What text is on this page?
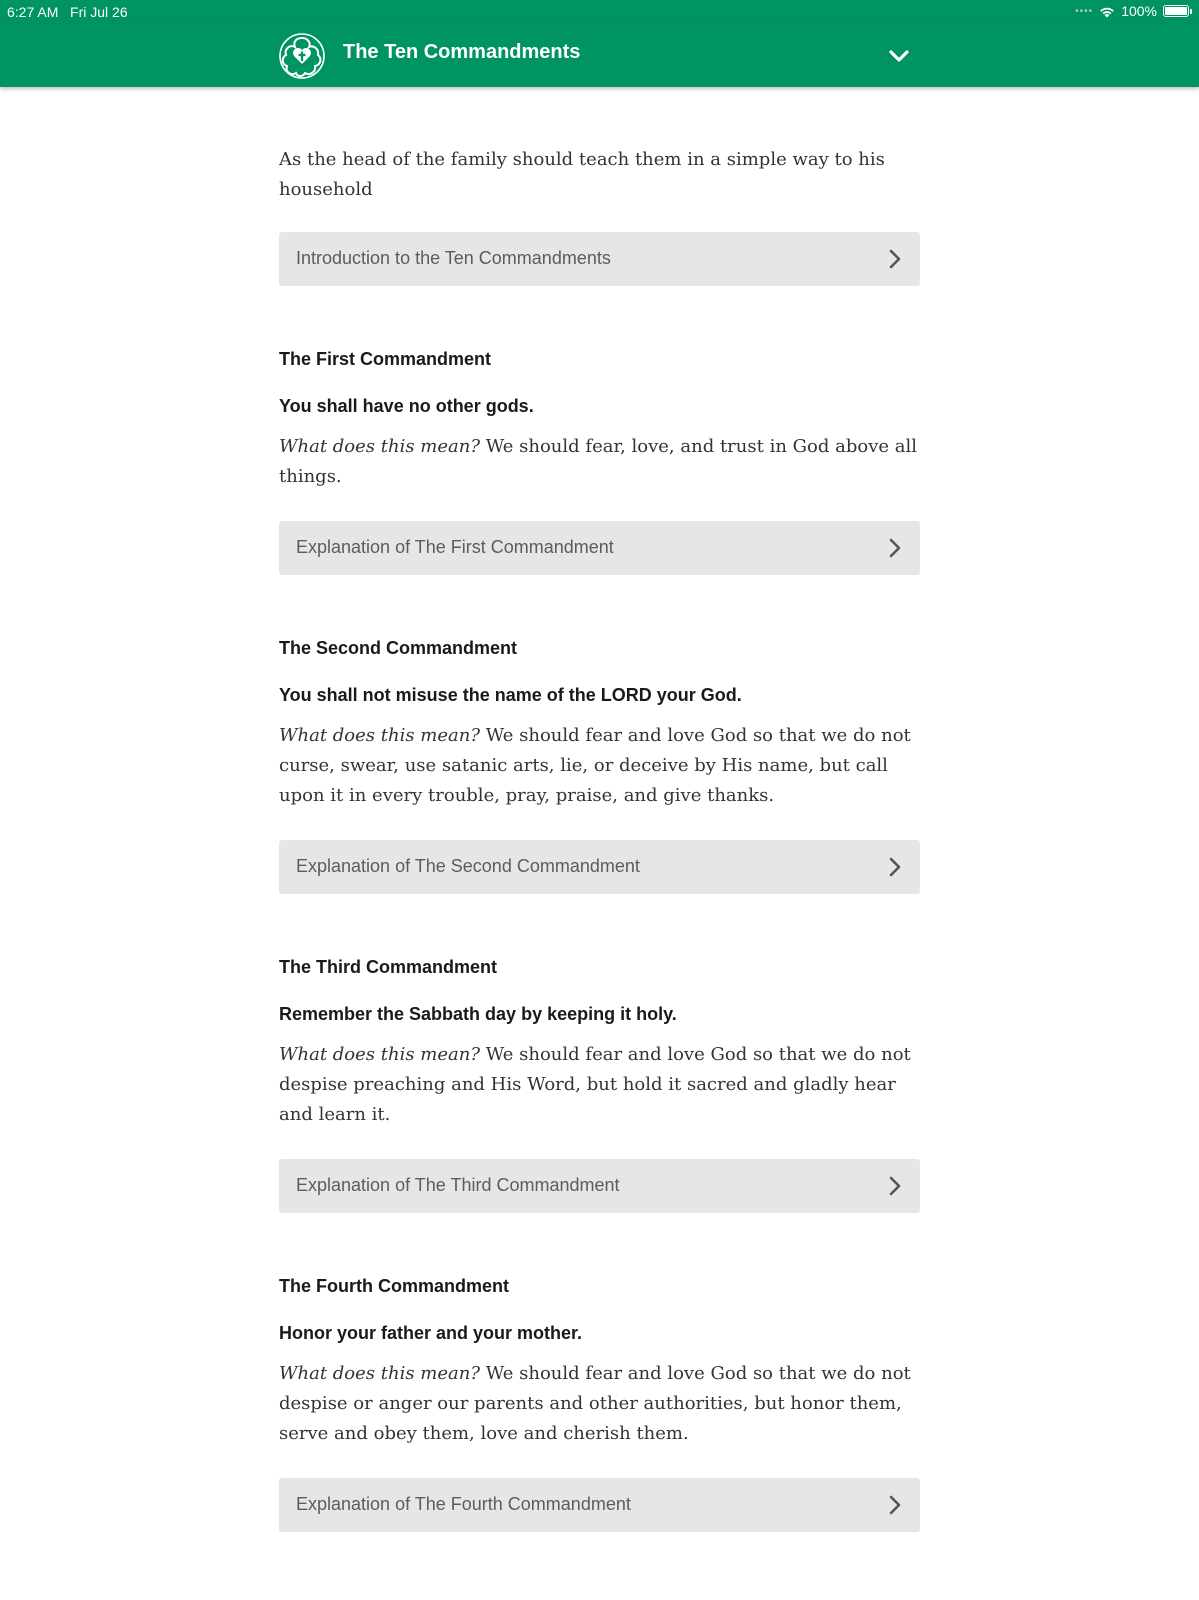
6:27 AM Fri Jul 26	•••• 100%
The Ten Commandments

As the head of the family should teach them in a simple way to his household

Introduction to the Ten Commandments

The First Commandment

You shall have no other gods.

What does this mean? We should fear, love, and trust in God above all things.

Explanation of The First Commandment

The Second Commandment

You shall not misuse the name of the LORD your God.

What does this mean? We should fear and love God so that we do not curse, swear, use satanic arts, lie, or deceive by His name, but call upon it in every trouble, pray, praise, and give thanks.

Explanation of The Second Commandment

The Third Commandment

Remember the Sabbath day by keeping it holy.

What does this mean? We should fear and love God so that we do not despise preaching and His Word, but hold it sacred and gladly hear and learn it.

Explanation of The Third Commandment

The Fourth Commandment

Honor your father and your mother.

What does this mean? We should fear and love God so that we do not despise or anger our parents and other authorities, but honor them, serve and obey them, love and cherish them.

Explanation of The Fourth Commandment
